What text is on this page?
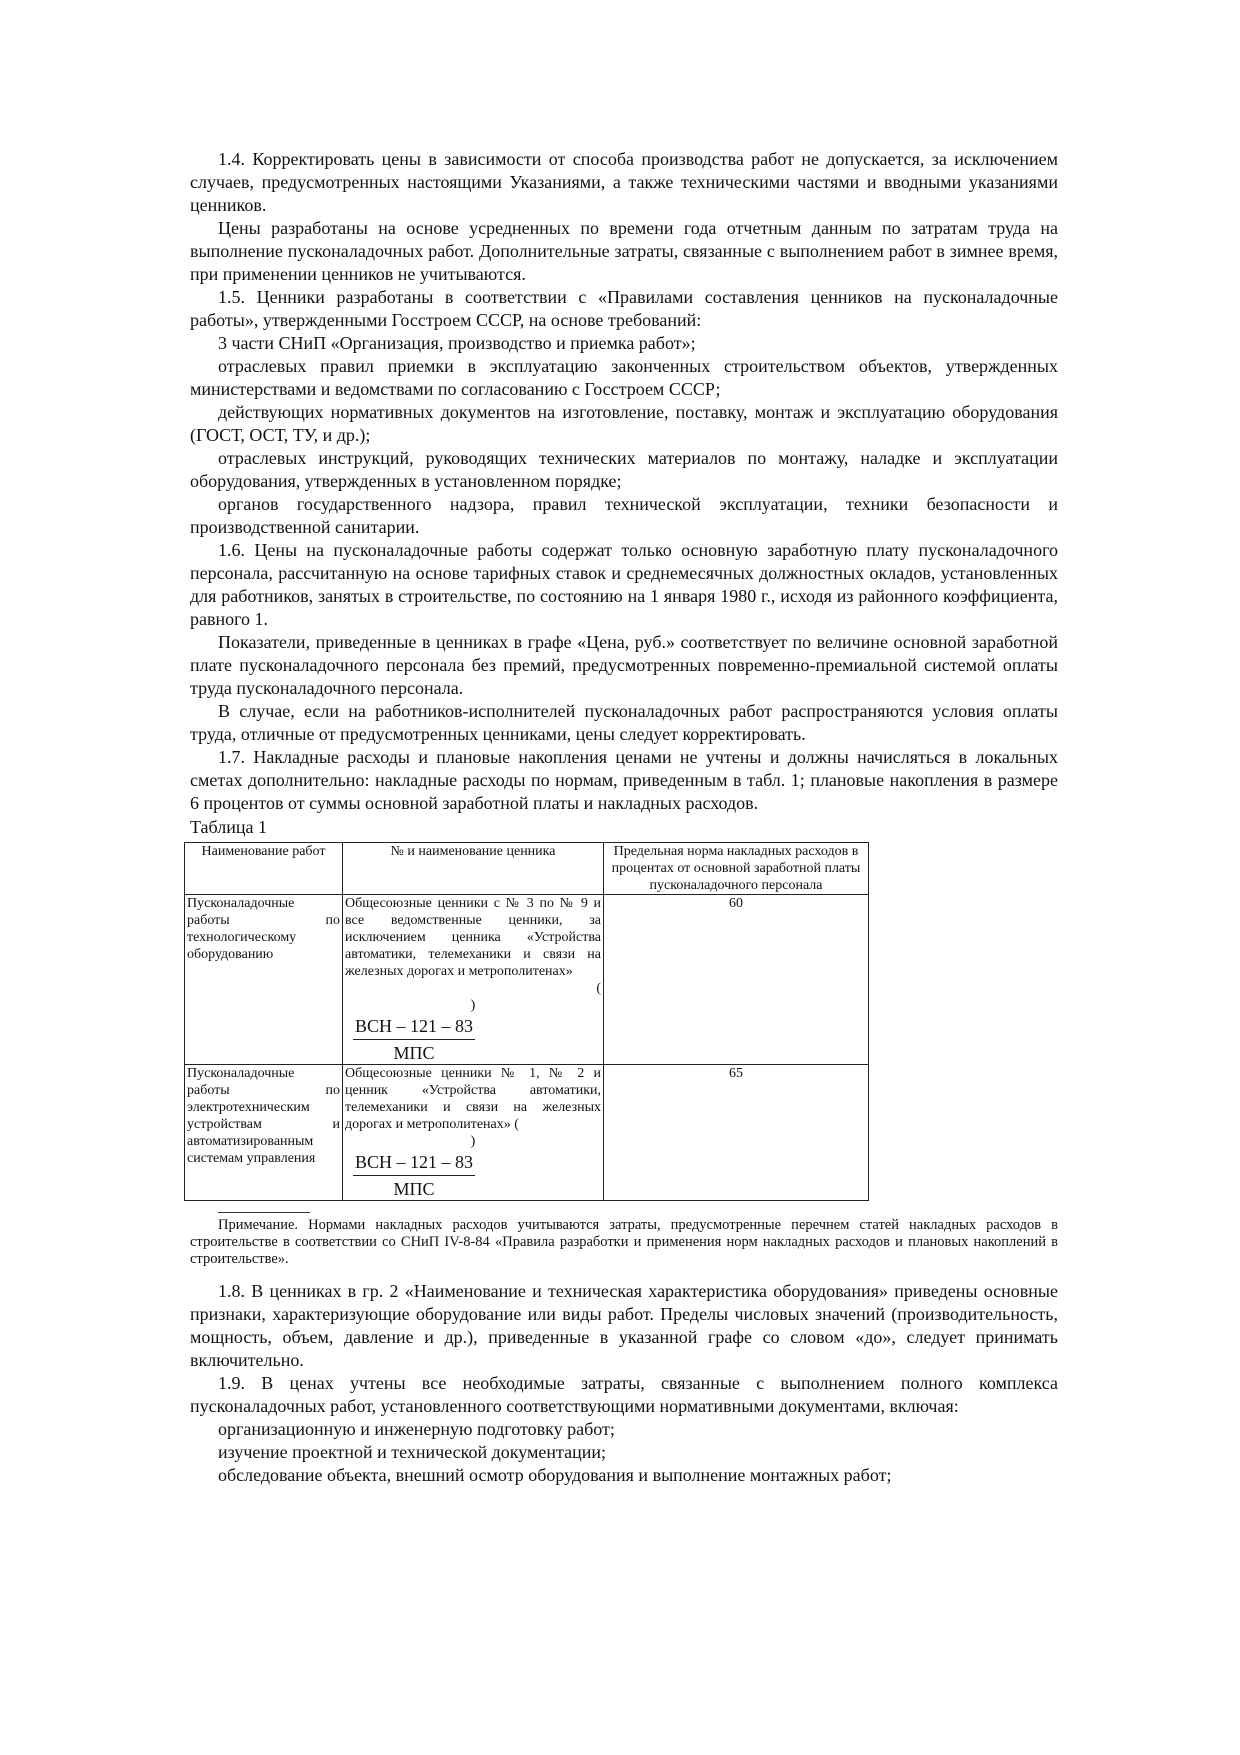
1.4. Корректировать цены в зависимости от способа производства работ не допускается, за исключением случаев, предусмотренных настоящими Указаниями, а также техническими частями и вводными указаниями ценников.

Цены разработаны на основе усредненных по времени года отчетным данным по затратам труда на выполнение пусконаладочных работ. Дополнительные затраты, связанные с выполнением работ в зимнее время, при применении ценников не учитываются.

1.5. Ценники разработаны в соответствии с «Правилами составления ценников на пусконаладочные работы», утвержденными Госстроем СССР, на основе требований:

3 части СНиП «Организация, производство и приемка работ»;

отраслевых правил приемки в эксплуатацию законченных строительством объектов, утвержденных министерствами и ведомствами по согласованию с Госстроем СССР;

действующих нормативных документов на изготовление, поставку, монтаж и эксплуатацию оборудования (ГОСТ, ОСТ, ТУ, и др.);

отраслевых инструкций, руководящих технических материалов по монтажу, наладке и эксплуатации оборудования, утвержденных в установленном порядке;

органов государственного надзора, правил технической эксплуатации, техники безопасности и производственной санитарии.

1.6. Цены на пусконаладочные работы содержат только основную заработную плату пусконаладочного персонала, рассчитанную на основе тарифных ставок и среднемесячных должностных окладов, установленных для работников, занятых в строительстве, по состоянию на 1 января 1980 г., исходя из районного коэффициента, равного 1.

Показатели, приведенные в ценниках в графе «Цена, руб.» соответствует по величине основной заработной плате пусконаладочного персонала без премий, предусмотренных повременно-премиальной системой оплаты труда пусконаладочного персонала.

В случае, если на работников-исполнителей пусконаладочных работ распространяются условия оплаты труда, отличные от предусмотренных ценниками, цены следует корректировать.

1.7. Накладные расходы и плановые накопления ценами не учтены и должны начисляться в локальных сметах дополнительно: накладные расходы по нормам, приведенным в табл. 1; плановые накопления в размере 6 процентов от суммы основной заработной платы и накладных расходов.

Таблица 1

Наименование работ	№ и наименование ценника	Предельная норма накладных расходов в процентах от основной заработной платы пусконаладочного персонала
Пусконаладочные работы по технологическому оборудованию	Общесоюзные ценники с № 3 по № 9 и все ведомственные ценники, за исключением ценника «Устройства автоматики, телемеханики и связи на железных дорогах и метрополитенах»
(
)
ВСН – 121 – 83
МПС	60
Пусконаладочные работы по электротехническим устройствам и автоматизированным системам управления	Общесоюзные ценники № 1, № 2 и ценник «Устройства автоматики, телемеханики и связи на железных дорогах и метрополитенах» (
)
ВСН – 121 – 83
МПС	65

Примечание. Нормами накладных расходов учитываются затраты, предусмотренные перечнем статей накладных расходов в строительстве в соответствии со СНиП IV-8-84 «Правила разработки и применения норм накладных расходов и плановых накоплений в строительстве».

1.8. В ценниках в гр. 2 «Наименование и техническая характеристика оборудования» приведены основные признаки, характеризующие оборудование или виды работ. Пределы числовых значений (производительность, мощность, объем, давление и др.), приведенные в указанной графе со словом «до», следует принимать включительно.

1.9. В ценах учтены все необходимые затраты, связанные с выполнением полного комплекса пусконаладочных работ, установленного соответствующими нормативными документами, включая:

организационную и инженерную подготовку работ;

изучение проектной и технической документации;

обследование объекта, внешний осмотр оборудования и выполнение монтажных работ;
